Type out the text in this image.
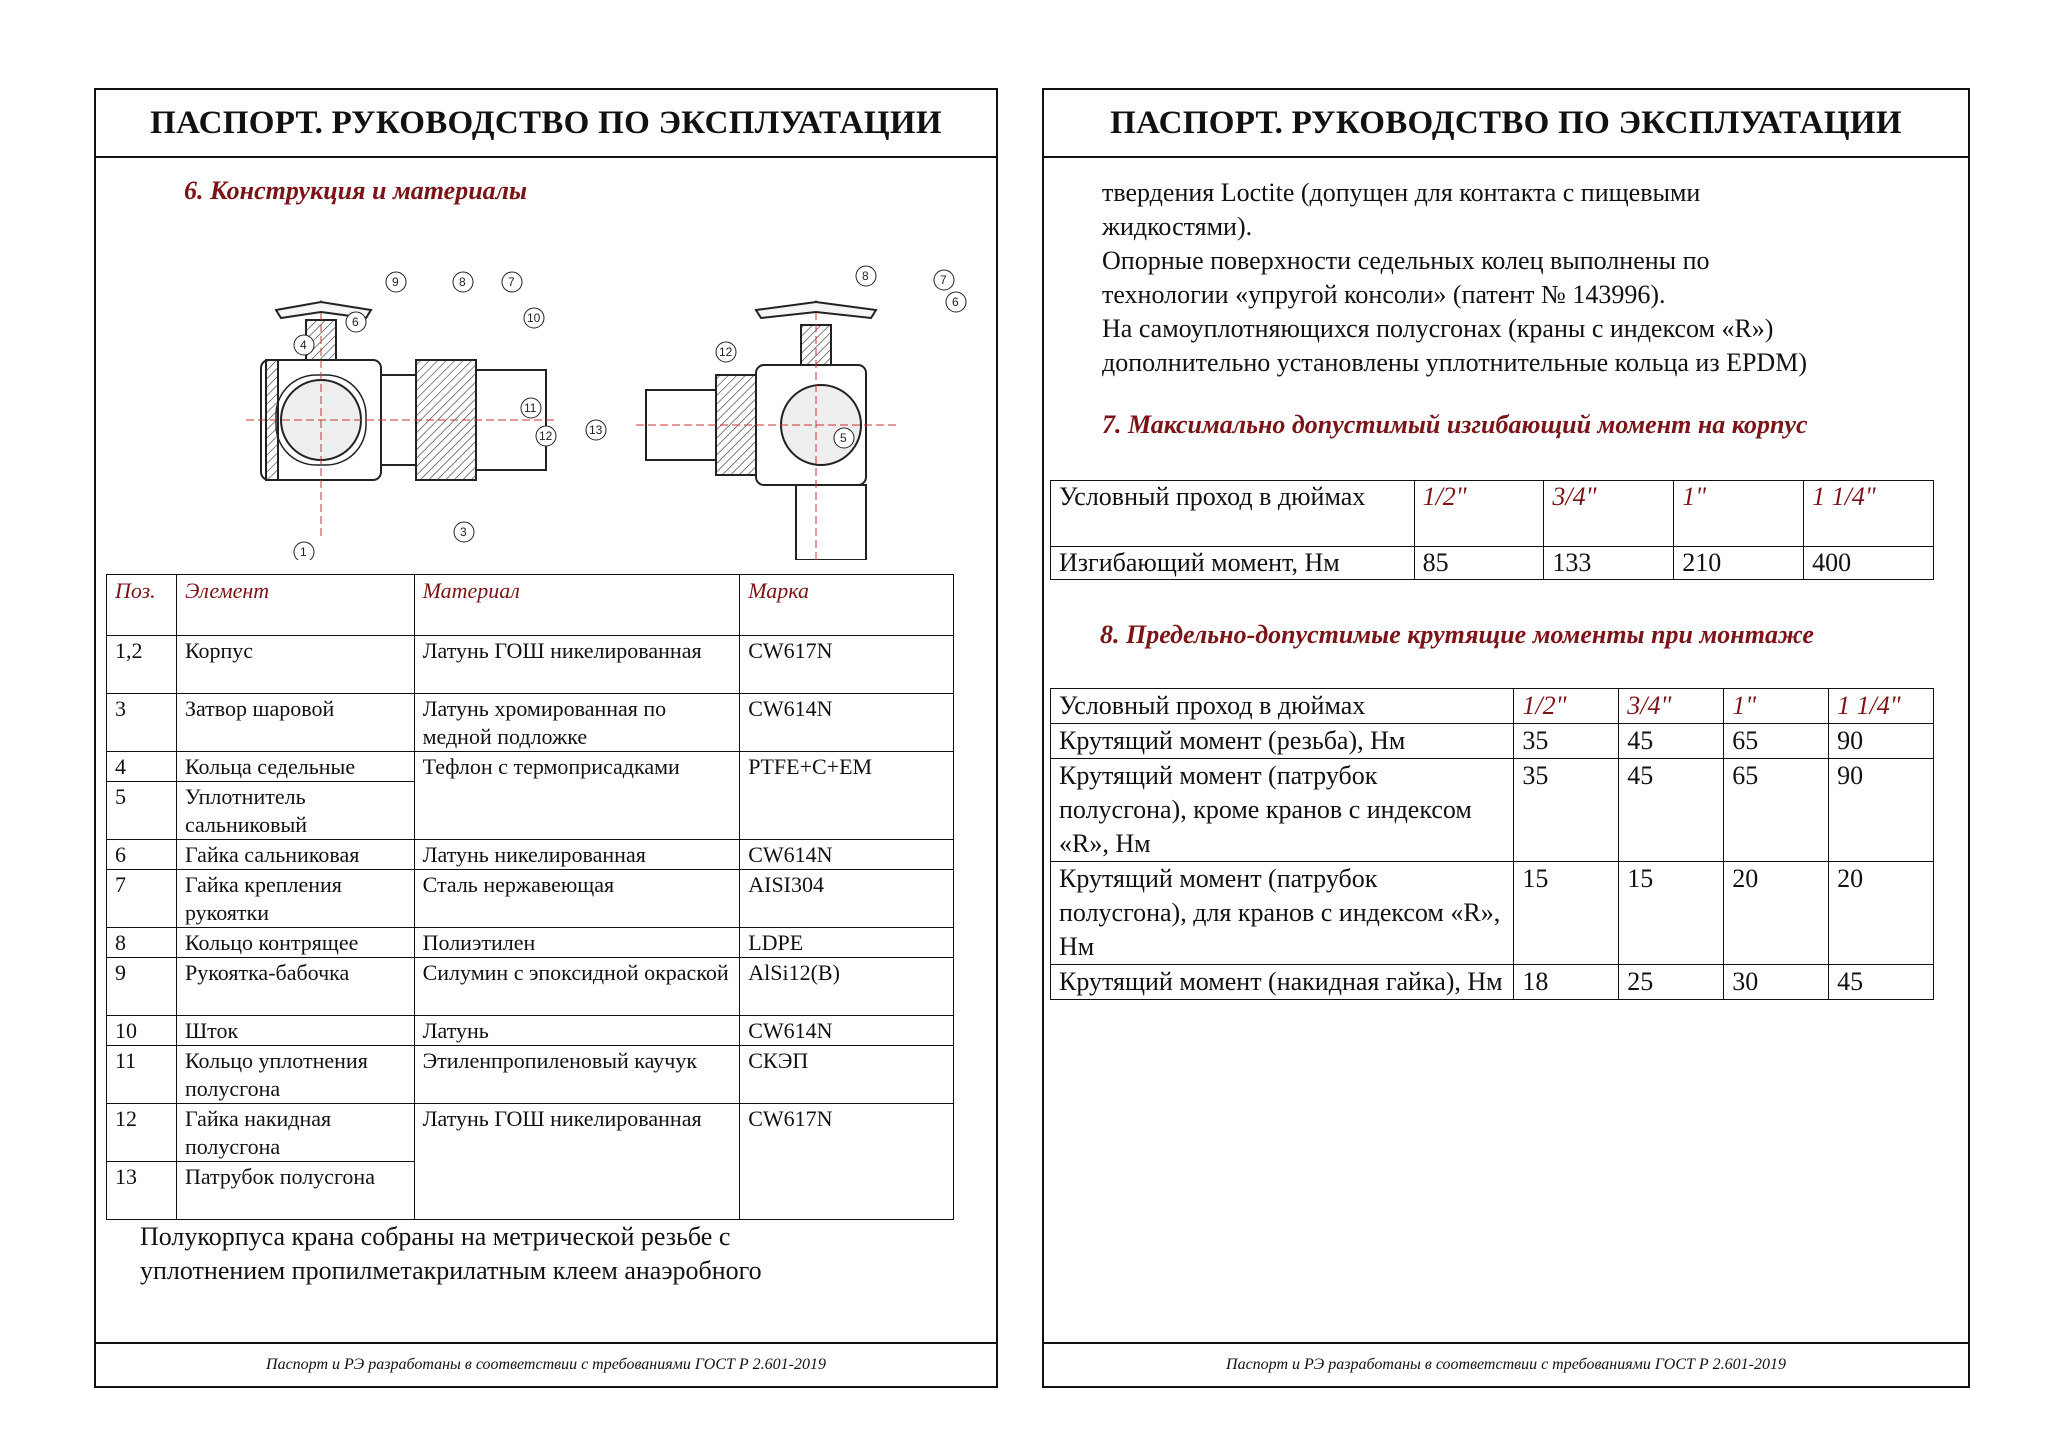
ПАСПОРТ. РУКОВОДСТВО ПО ЭКСПЛУАТАЦИИ
6. Конструкция и материалы
9	8	7
6	10
4
11
12	13
3
1
8	7
6
12
5
Поз.	Элемент	Материал	Марка
1,2	Корпус	Латунь ГОШ никелированная	CW617N
3	Затвор шаровой	Латунь хромированная по медной подложке	CW614N
4	Кольца седельные	Тефлон с термоприсадками	PTFE+C+EM
5	Уплотнитель сальниковый		
6	Гайка сальниковая	Латунь никелированная	CW614N
7	Гайка крепления рукоятки	Сталь нержавеющая	AISI304
8	Кольцо контрящее	Полиэтилен	LDPE
9	Рукоятка-бабочка	Силумин с эпоксидной окраской	AlSi12(B)
10	Шток	Латунь	CW614N
11	Кольцо уплотнения полусгона	Этиленпропиленовый каучук	СКЭП
12	Гайка накидная полусгона	Латунь ГОШ никелированная	CW617N
13	Патрубок полусгона		
Полукорпуса крана собраны на метрической резьбе с
уплотнением пропилметакрилатным клеем анаэробного
Паспорт и РЭ разработаны в соответствии с требованиями ГОСТ Р 2.601-2019
ПАСПОРТ. РУКОВОДСТВО ПО ЭКСПЛУАТАЦИИ
твердения Loctite (допущен для контакта с пищевыми
жидкостями).
Опорные поверхности седельных колец выполнены по
технологии «упругой консоли» (патент № 143996).
На самоуплотняющихся полусгонах (краны с индексом «R»)
дополнительно установлены уплотнительные кольца из EPDM)
7. Максимально допустимый изгибающий момент на корпус
Условный проход в дюймах	1/2"	3/4"	1"	1 1/4"
Изгибающий момент, Нм	85	133	210	400
8. Предельно-допустимые крутящие моменты при монтаже
Условный проход в дюймах	1/2"	3/4"	1"	1 1/4"
Крутящий момент (резьба), Нм	35	45	65	90
Крутящий момент (патрубок полусгона), кроме кранов с индексом «R», Нм	35	45	65	90
Крутящий момент (патрубок полусгона), для кранов с индексом «R», Нм	15	15	20	20
Крутящий момент (накидная гайка), Нм	18	25	30	45
Паспорт и РЭ разработаны в соответствии с требованиями ГОСТ Р 2.601-2019
